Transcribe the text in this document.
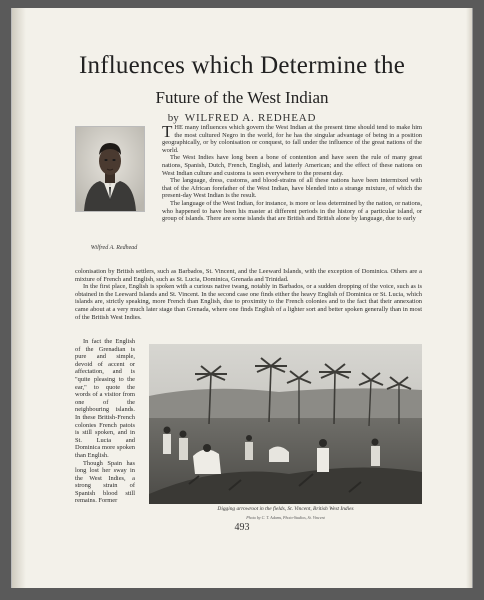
Influences which Determine the
Future of the West Indian
by WILFRED A. REDHEAD
Wilfred A. Redhead

THE many influences which govern the West Indian at the present time should tend to make him the most cultured Negro in the world, for he has the singular advantage of being in a position geographically, or by colonisation or conquest, to fall under the influence of the great nations of the world.

The West Indies have long been a bone of contention and have seen the rule of many great nations, Spanish, Dutch, French, English, and latterly American; and the effect of these nations on West Indian culture and customs is seen everywhere to the present day.

The language, dress, customs, and blood-strains of all these nations have been intermixed with that of the African forefather of the West Indian, have blended into a strange mixture, of which the present-day West Indian is the result.

The language of the West Indian, for instance, is more or less determined by the nation, or nations, who happened to have been his master at different periods in the history of a particular island, or group of islands. There are some islands that are British and British alone by language, due to early

colonisation by British settlers, such as Barbados, St. Vincent, and the Leeward Islands, with the exception of Dominica. Others are a mixture of French and English, such as St. Lucia, Dominica, Grenada and Trinidad.

In the first place, English is spoken with a curious native twang, notably in Barbados, or a sudden dropping of the voice, such as is obtained in the Leeward Islands and St. Vincent. In the second case one finds either the heavy English of Dominica or St. Lucia, which islands are, strictly speaking, more French than English, due to proximity to the French colonies and to the fact that their annexation came about at a very much later stage than Grenada, where one finds English of a lighter sort and better spoken generally than in most of the British West Indies.

In fact the English of the Grenadian is pure and simple, devoid of accent or affectation, and is "quite pleasing to the ear," to quote the words of a visitor from one of the neighbouring islands. In these British-French colonies French patois is still spoken, and in St. Lucia and Dominica more spoken than English.

Though Spain has long lost her sway in the West Indies, a strong strain of Spanish blood still remains. Former

Digging arrowroot in the fields, St. Vincent, British West Indies
Photo by C. T. Adams, Photo-Studios, St. Vincent
493
